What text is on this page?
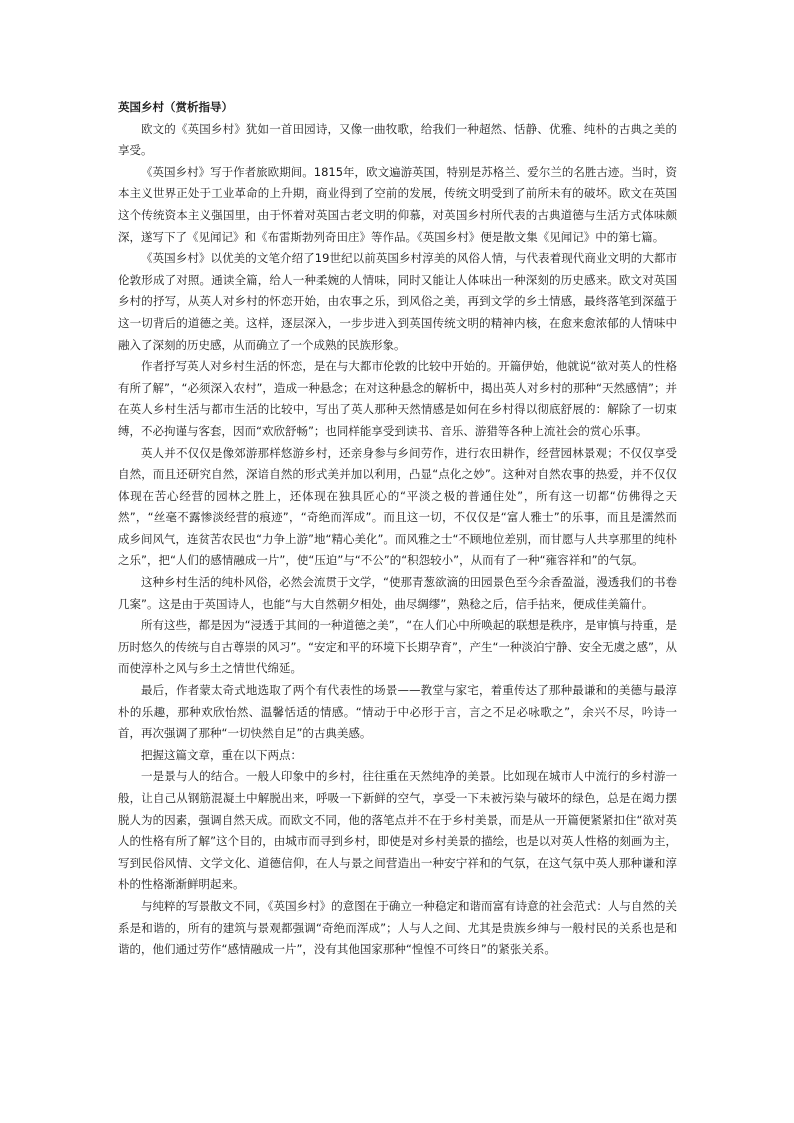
英国乡村（赏析指导）

欧文的《英国乡村》犹如一首田园诗，又像一曲牧歌，给我们一种超然、恬静、优雅、纯朴的古典之美的享受。

《英国乡村》写于作者旅欧期间。1815年，欧文遍游英国，特别是苏格兰、爱尔兰的名胜古迹。当时，资本主义世界正处于工业革命的上升期，商业得到了空前的发展，传统文明受到了前所未有的破坏。欧文在英国这个传统资本主义强国里，由于怀着对英国古老文明的仰慕，对英国乡村所代表的古典道德与生活方式体味颇深，遂写下了《见闻记》和《布雷斯勃列奇田庄》等作品。《英国乡村》便是散文集《见闻记》中的第七篇。

《英国乡村》以优美的文笔介绍了19世纪以前英国乡村淳美的风俗人情，与代表着现代商业文明的大都市伦敦形成了对照。通读全篇，给人一种柔婉的人情味，同时又能让人体味出一种深刻的历史感来。欧文对英国乡村的抒写，从英人对乡村的怀恋开始，由农事之乐，到风俗之美，再到文学的乡土情感，最终落笔到深蕴于这一切背后的道德之美。这样，逐层深入，一步步进入到英国传统文明的精神内核，在愈来愈浓郁的人情味中融入了深刻的历史感，从而确立了一个成熟的民族形象。

作者抒写英人对乡村生活的怀恋，是在与大都市伦敦的比较中开始的。开篇伊始，他就说“欲对英人的性格有所了解”，“必须深入农村”，造成一种悬念；在对这种悬念的解析中，揭出英人对乡村的那种“天然感情”；并在英人乡村生活与都市生活的比较中，写出了英人那种天然情感是如何在乡村得以彻底舒展的：解除了一切束缚，不必拘谨与客套，因而“欢欣舒畅”；也同样能享受到读书、音乐、游猎等各种上流社会的赏心乐事。

英人并不仅仅是像郊游那样悠游乡村，还亲身参与乡间劳作，进行农田耕作，经营园林景观；不仅仅享受自然，而且还研究自然，深谙自然的形式美并加以利用，凸显“点化之妙”。这种对自然农事的热爱，并不仅仅体现在苦心经营的园林之胜上，还体现在独具匠心的“平淡之极的普通住处”，所有这一切都“仿佛得之天然”，“丝毫不露惨淡经营的痕迹”，“奇绝而浑成”。而且这一切，不仅仅是“富人雅士”的乐事，而且是濡然而成乡间风气，连贫苦农民也“力争上游”地“精心美化”。而风雅之士“不顾地位差别，而甘愿与人共享那里的纯朴之乐”，把“人们的感情融成一片”，使“压迫”与“不公”的“积怨较小”，从而有了一种“雍容祥和”的气氛。

这种乡村生活的纯朴风俗，必然会流贯于文学，“使那青葱欲滴的田园景色至今余香盈溢，漫透我们的书卷几案”。这是由于英国诗人，也能“与大自然朝夕相处，曲尽绸缪”，熟稔之后，信手拈来，便成佳美篇什。

所有这些，都是因为“浸透于其间的一种道德之美”，“在人们心中所唤起的联想是秩序，是审慎与持重，是历时悠久的传统与自古尊崇的风习”。“安定和平的环境下长期孕育”，产生“一种淡泊宁静、安全无虞之感”，从而使淳朴之风与乡土之情世代绵延。

最后，作者蒙太奇式地选取了两个有代表性的场景——教堂与家宅，着重传达了那种最谦和的美德与最淳朴的乐趣，那种欢欣怡然、温馨恬适的情感。“情动于中必形于言，言之不足必咏歌之”，余兴不尽，吟诗一首，再次强调了那种“一切快然自足”的古典美感。

把握这篇文章，重在以下两点：

一是景与人的结合。一般人印象中的乡村，往往重在天然纯净的美景。比如现在城市人中流行的乡村游一般，让自己从钢筋混凝土中解脱出来，呼吸一下新鲜的空气，享受一下未被污染与破坏的绿色，总是在竭力摆脱人为的因素，强调自然天成。而欧文不同，他的落笔点并不在于乡村美景，而是从一开篇便紧紧扣住“欲对英人的性格有所了解”这个目的，由城市而寻到乡村，即使是对乡村美景的描绘，也是以对英人性格的刻画为主，写到民俗风情、文学文化、道德信仰，在人与景之间营造出一种安宁祥和的气氛，在这气氛中英人那种谦和淳朴的性格渐渐鲜明起来。

与纯粹的写景散文不同，《英国乡村》的意图在于确立一种稳定和谐而富有诗意的社会范式：人与自然的关系是和谐的，所有的建筑与景观都强调“奇绝而浑成”；人与人之间、尤其是贵族乡绅与一般村民的关系也是和谐的，他们通过劳作“感情融成一片”，没有其他国家那种“惶惶不可终日”的紧张关系。
